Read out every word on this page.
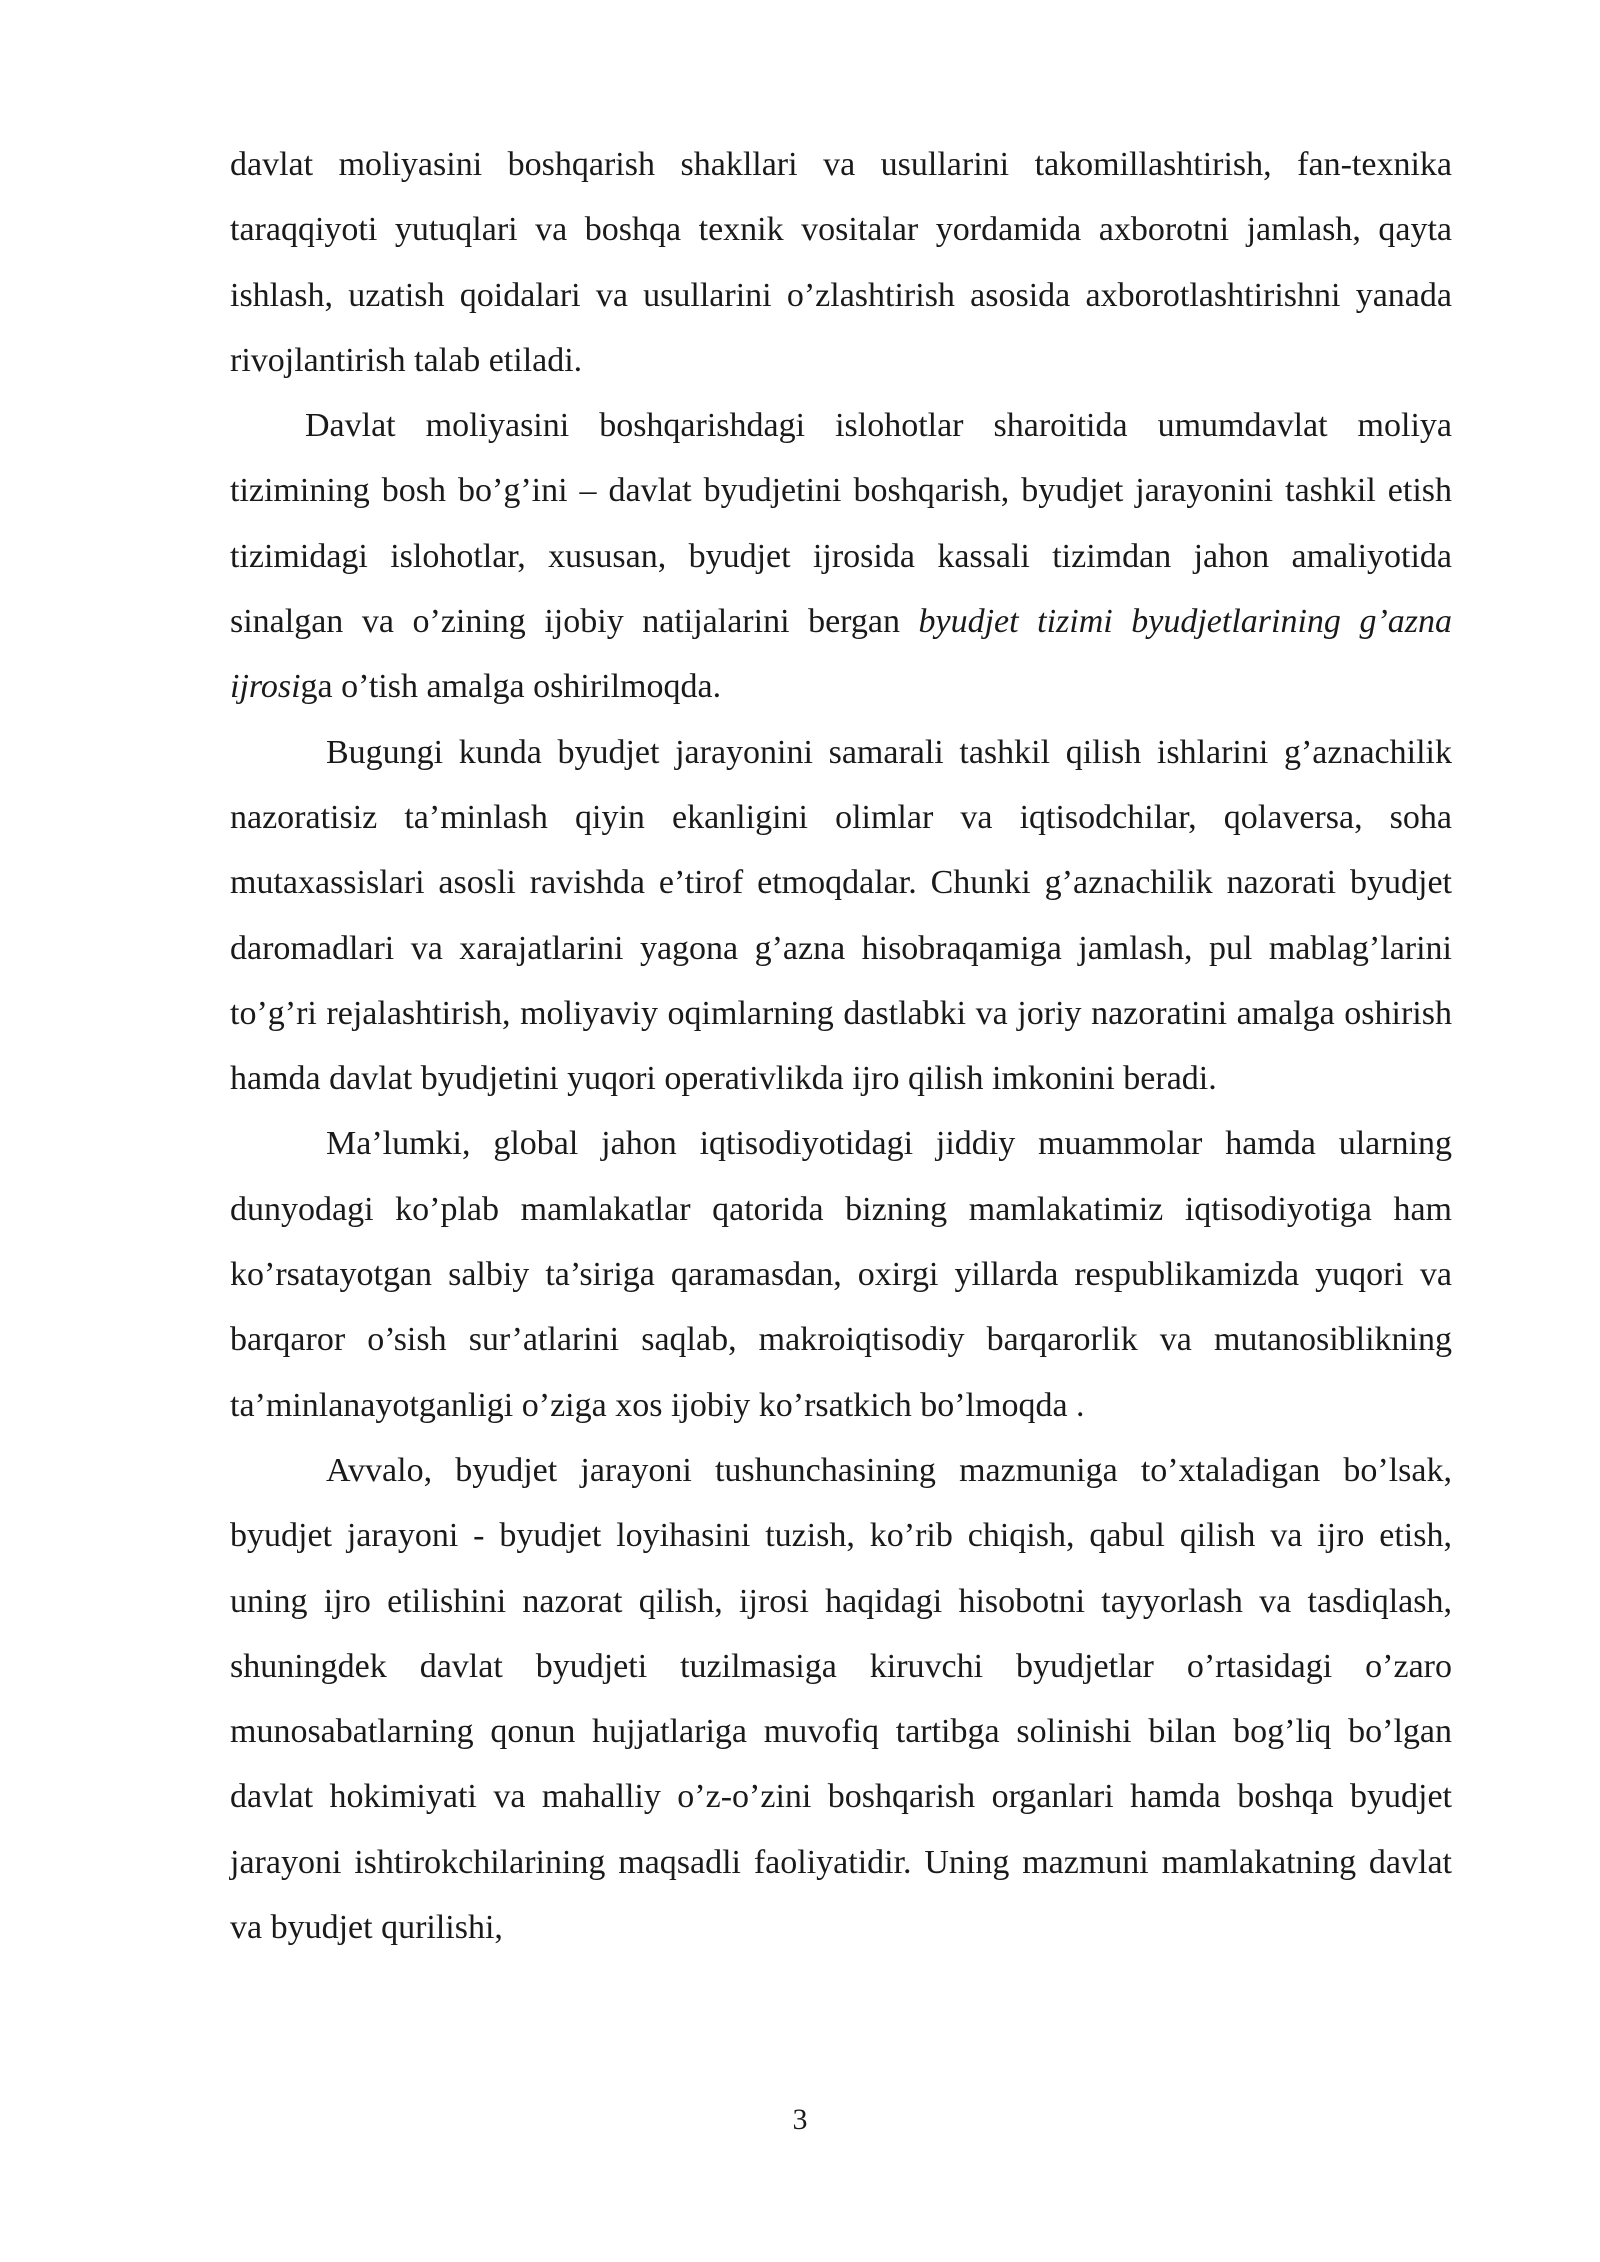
davlat moliyasini boshqarish shakllari va usullarini takomillashtirish, fan-texnika taraqqiyoti yutuqlari va boshqa texnik vositalar yordamida axborotni jamlash, qayta ishlash, uzatish qoidalari va usullarini o’zlashtirish asosida axborotlashtirishni yanada rivojlantirish talab etiladi.

Davlat moliyasini boshqarishdagi islohotlar sharoitida umumdavlat moliya tizimining bosh bo’g’ini – davlat byudjetini boshqarish, byudjet jarayonini tashkil etish tizimidagi islohotlar, xususan, byudjet ijrosida kassali tizimdan jahon amaliyotida sinalgan va o’zining ijobiy natijalarini bergan byudjet tizimi byudjetlarining g’azna ijrosiga o’tish amalga oshirilmoqda.

Bugungi kunda byudjet jarayonini samarali tashkil qilish ishlarini g’aznachilik nazoratisiz ta’minlash qiyin ekanligini olimlar va iqtisodchilar, qolaversa, soha mutaxassislari asosli ravishda e’tirof etmoqdalar. Chunki g’aznachilik nazorati byudjet daromadlari va xarajatlarini yagona g’azna hisobraqamiga jamlash, pul mablag’larini to’g’ri rejalashtirish, moliyaviy oqimlarning dastlabki va joriy nazoratini amalga oshirish hamda davlat byudjetini yuqori operativlikda ijro qilish imkonini beradi.

Ma’lumki, global jahon iqtisodiyotidagi jiddiy muammolar hamda ularning dunyodagi ko’plab mamlakatlar qatorida bizning mamlakatimiz iqtisodiyotiga ham ko’rsatayotgan salbiy ta’siriga qaramasdan, oxirgi yillarda respublikamizda yuqori va barqaror o’sish sur’atlarini saqlab, makroiqtisodiy barqarorlik va mutanosiblikning ta’minlanayotganligi o’ziga xos ijobiy ko’rsatkich bo’lmoqda .

Avvalo, byudjet jarayoni tushunchasining mazmuniga to’xtaladigan bo’lsak, byudjet jarayoni - byudjet loyihasini tuzish, ko’rib chiqish, qabul qilish va ijro etish, uning ijro etilishini nazorat qilish, ijrosi haqidagi hisobotni tayyorlash va tasdiqlash, shuningdek davlat byudjeti tuzilmasiga kiruvchi byudjetlar o’rtasidagi o’zaro munosabatlarning qonun hujjatlariga muvofiq tartibga solinishi bilan bog’liq bo’lgan davlat hokimiyati va mahalliy o’z-o’zini boshqarish organlari hamda boshqa byudjet jarayoni ishtirokchilarining maqsadli faoliyatidir. Uning mazmuni mamlakatning davlat va byudjet qurilishi,

3
